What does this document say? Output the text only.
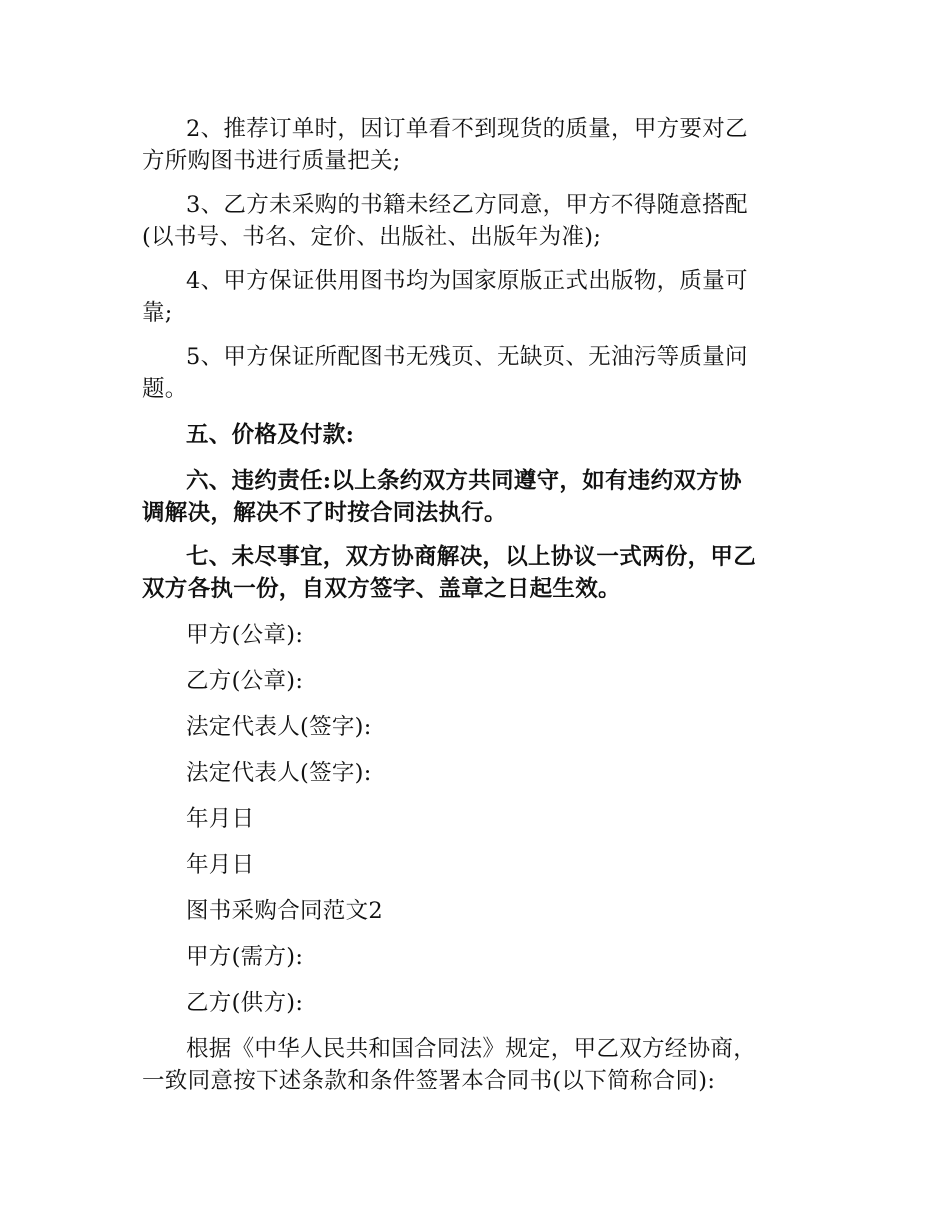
2、推荐订单时，因订单看不到现货的质量，甲方要对乙
方所购图书进行质量把关;
3、乙方未采购的书籍未经乙方同意，甲方不得随意搭配
(以书号、书名、定价、出版社、出版年为准);
4、甲方保证供用图书均为国家原版正式出版物，质量可
靠;
5、甲方保证所配图书无残页、无缺页、无油污等质量问
题。
五、价格及付款:
六、违约责任:以上条约双方共同遵守，如有违约双方协
调解决，解决不了时按合同法执行。
七、未尽事宜，双方协商解决，以上协议一式两份，甲乙
双方各执一份，自双方签字、盖章之日起生效。
甲方(公章):
乙方(公章):
法定代表人(签字):
法定代表人(签字):
年月日
年月日
图书采购合同范文2
甲方(需方):
乙方(供方):
根据《中华人民共和国合同法》规定，甲乙双方经协商，
一致同意按下述条款和条件签署本合同书(以下简称合同):
